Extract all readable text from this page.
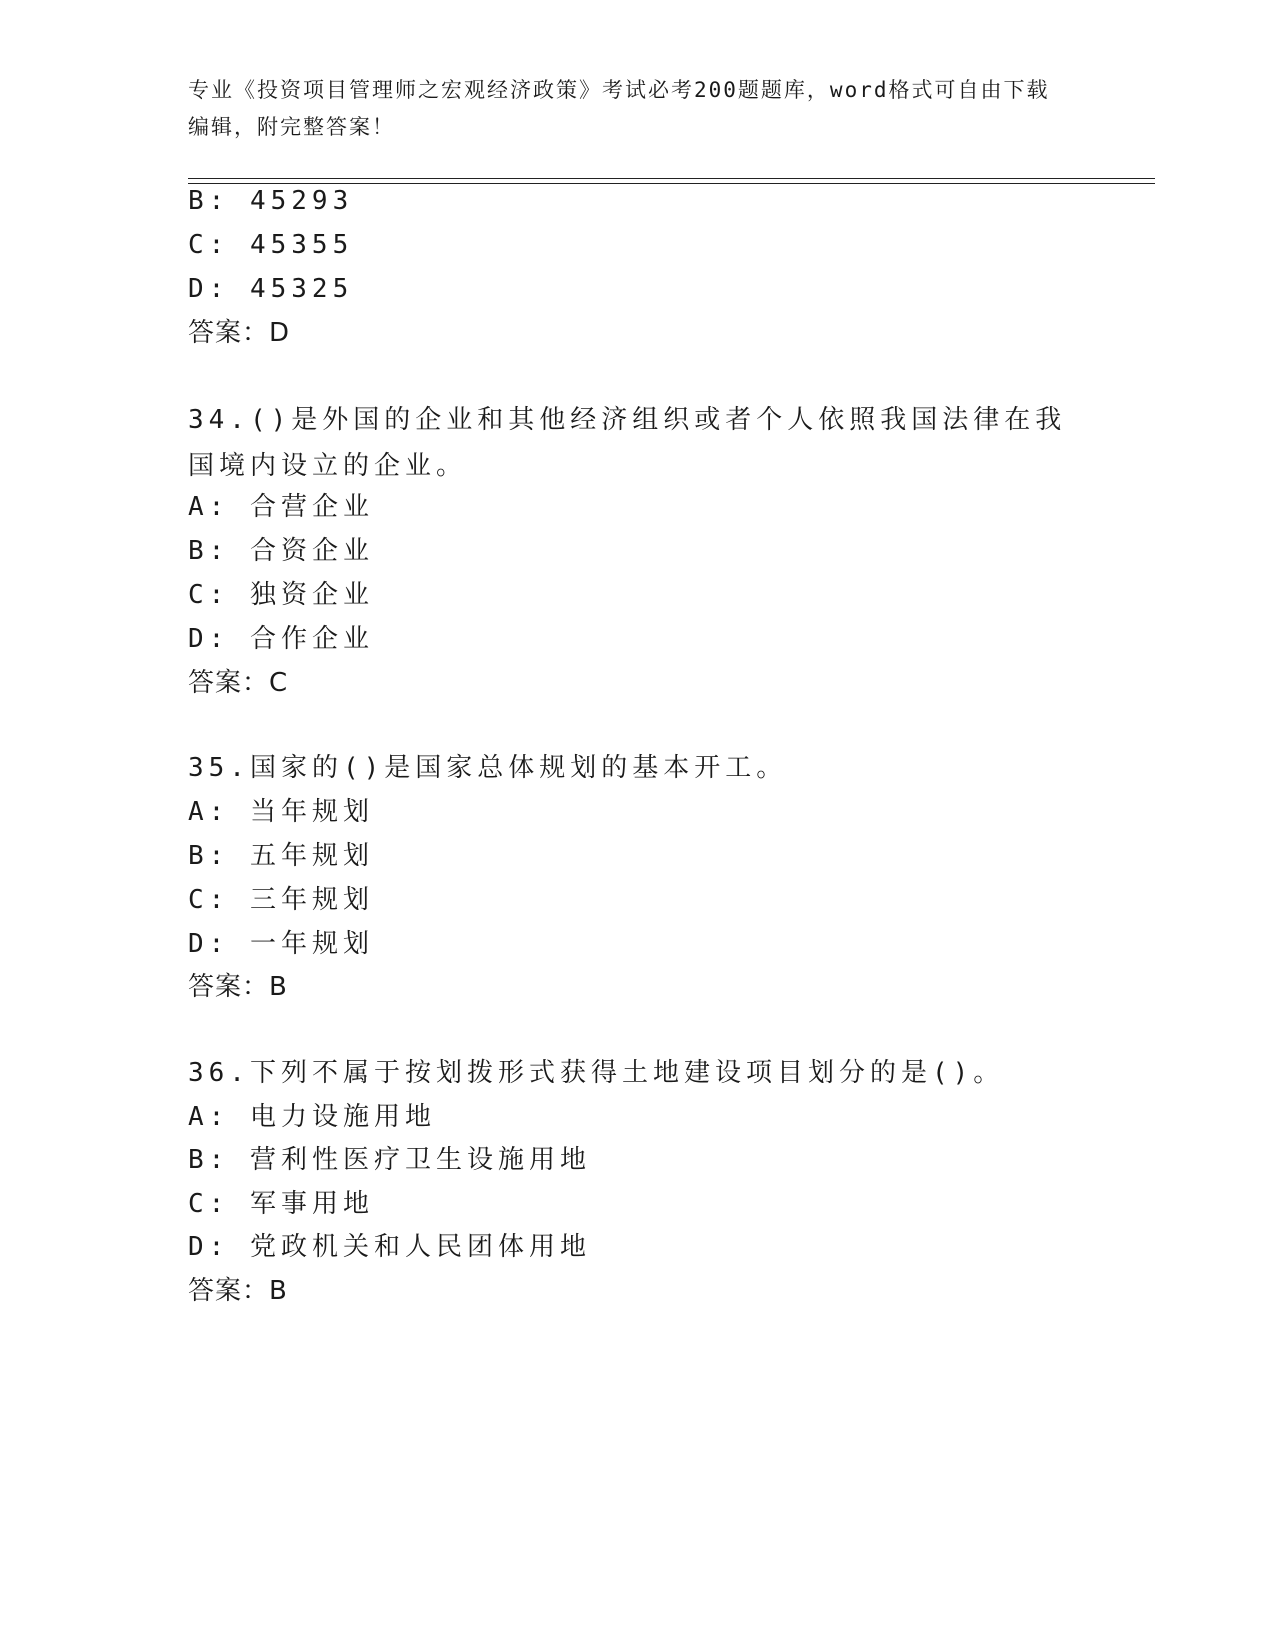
专业《投资项目管理师之宏观经济政策》考试必考200题题库，word格式可自由下载编辑，附完整答案！
B: 45293
C: 45355
D: 45325
答案：D
34.()是外国的企业和其他经济组织或者个人依照我国法律在我国境内设立的企业。
A: 合营企业
B: 合资企业
C: 独资企业
D: 合作企业
答案：C
35.国家的()是国家总体规划的基本开工。
A: 当年规划
B: 五年规划
C: 三年规划
D: 一年规划
答案：B
36.下列不属于按划拨形式获得土地建设项目划分的是()。
A: 电力设施用地
B: 营利性医疗卫生设施用地
C: 军事用地
D: 党政机关和人民团体用地
答案：B
